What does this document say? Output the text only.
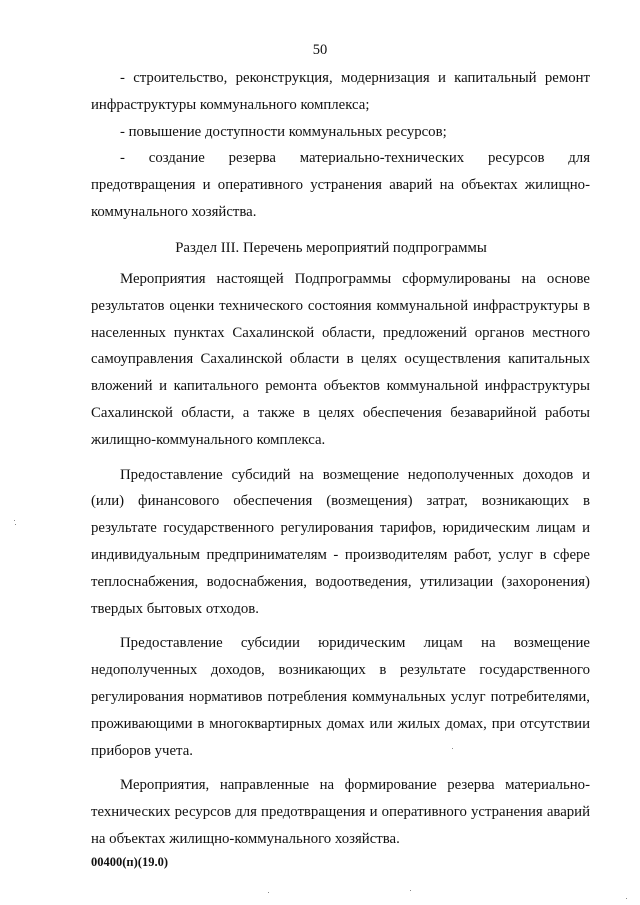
50

- строительство, реконструкция, модернизация и капитальный ремонт инфраструктуры коммунального комплекса;

- повышение доступности коммунальных ресурсов;

- создание резерва материально-технических ресурсов для предотвращения и оперативного устранения аварий на объектах жилищно-коммунального хозяйства.

Раздел III. Перечень мероприятий подпрограммы

Мероприятия настоящей Подпрограммы сформулированы на основе результатов оценки технического состояния коммунальной инфраструктуры в населенных пунктах Сахалинской области, предложений органов местного самоуправления Сахалинской области в целях осуществления капитальных вложений и капитального ремонта объектов коммунальной инфраструктуры Сахалинской области, а также в целях обеспечения безаварийной работы жилищно-коммунального комплекса.

Предоставление субсидий на возмещение недополученных доходов и (или) финансового обеспечения (возмещения) затрат, возникающих в результате государственного регулирования тарифов, юридическим лицам и индивидуальным предпринимателям - производителям работ, услуг в сфере теплоснабжения, водоснабжения, водоотведения, утилизации (захоронения) твердых бытовых отходов.

Предоставление субсидии юридическим лицам на возмещение недополученных доходов, возникающих в результате государственного регулирования нормативов потребления коммунальных услуг потребителями, проживающими в многоквартирных домах или жилых домах, при отсутствии приборов учета.

Мероприятия, направленные на формирование резерва материально-технических ресурсов для предотвращения и оперативного устранения аварий на объектах жилищно-коммунального хозяйства.

00400(п)(19.0)
